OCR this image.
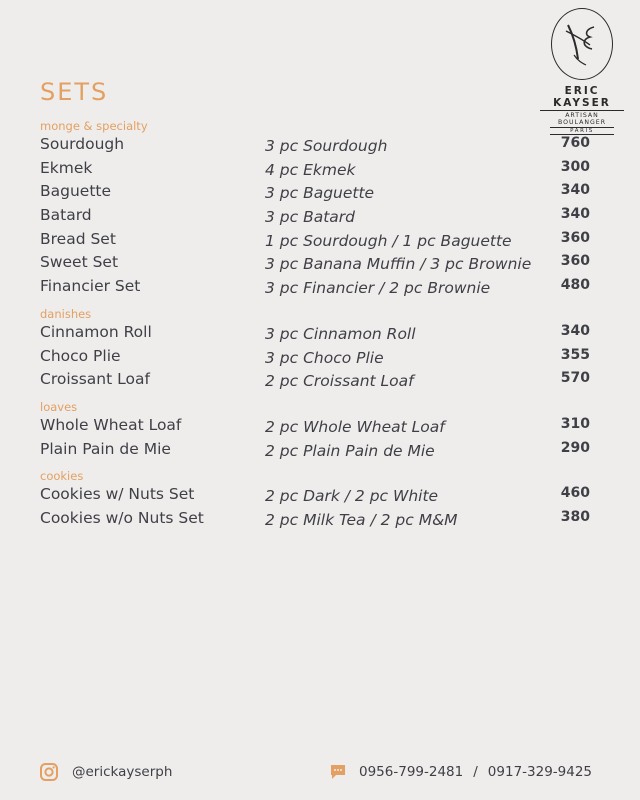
ERIC KAYSER
ARTISAN BOULANGER
PARIS
SETS
monge & specialty
Sourdough	3 pc Sourdough	760
Ekmek	4 pc Ekmek	300
Baguette	3 pc Baguette	340
Batard	3 pc Batard	340
Bread Set	1 pc Sourdough / 1 pc Baguette	360
Sweet Set	3 pc Banana Muffin / 3 pc Brownie 360
Financier Set	3 pc Financier / 2 pc Brownie	480
danishes
Cinnamon Roll	3 pc Cinnamon Roll	340
Choco Plie	3 pc Choco Plie	355
Croissant Loaf	2 pc Croissant Loaf	570
loaves
Whole Wheat Loaf	2 pc Whole Wheat Loaf	310
Plain Pain de Mie	2 pc Plain Pain de Mie	290
cookies
Cookies w/ Nuts Set	2 pc Dark / 2 pc White	460
Cookies w/o Nuts Set	2 pc Milk Tea / 2 pc M&M	380
@erickayserph	0956-799-2481 / 0917-329-9425
